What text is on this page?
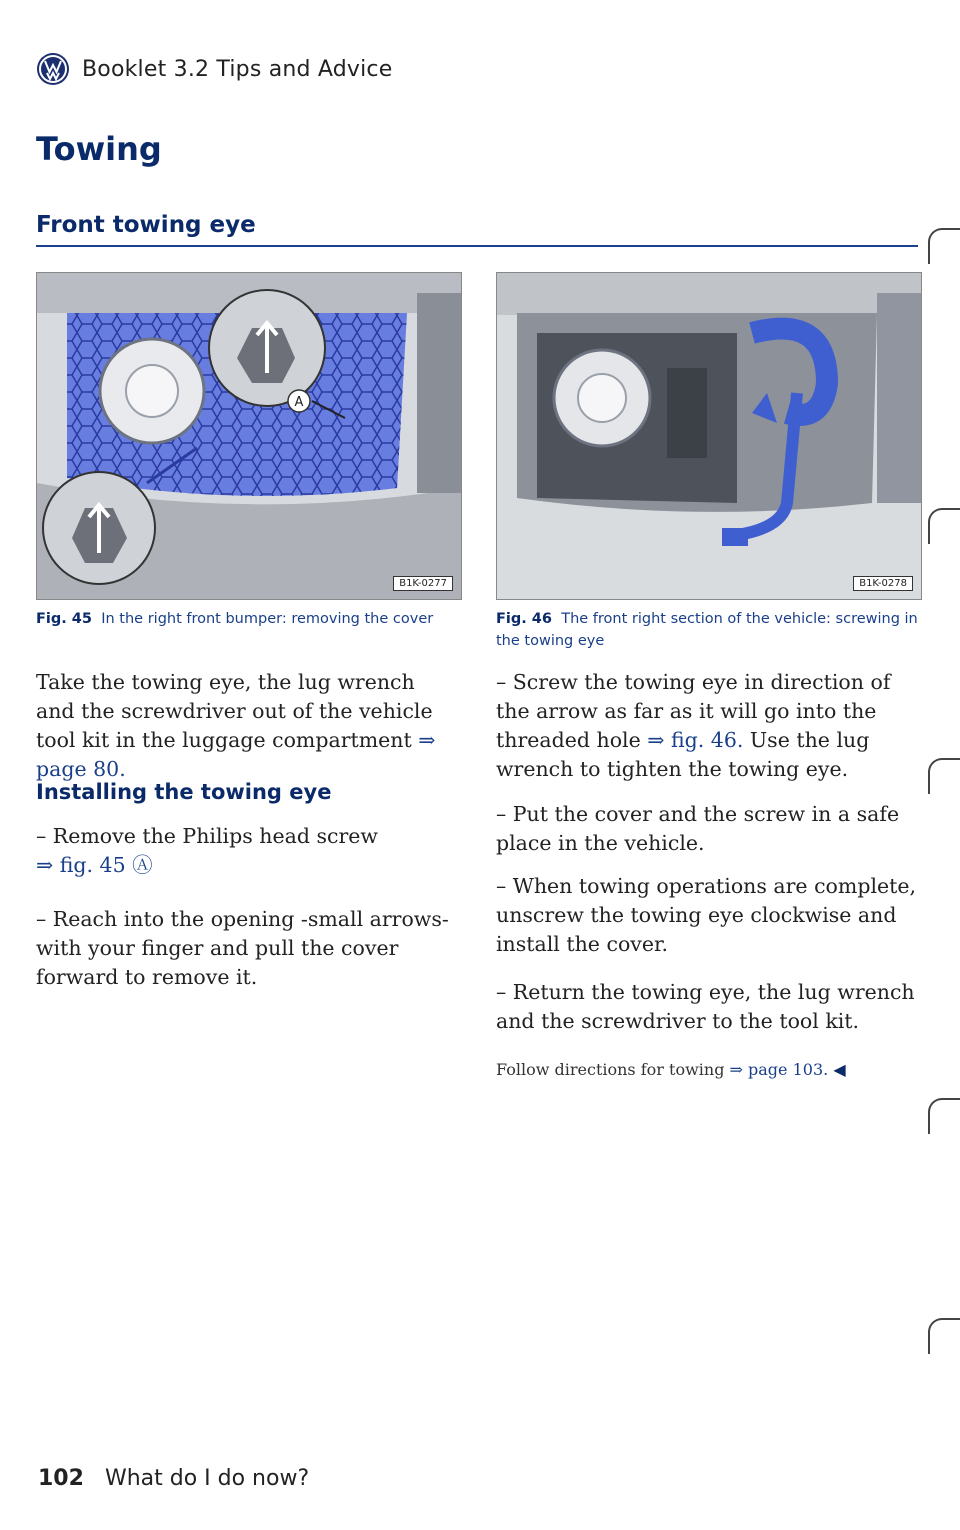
Booklet 3.2 Tips and Advice
Towing
Front towing eye
A
B1K-0277
Fig. 45 In the right front bumper: removing the cover
B1K-0278
Fig. 46 The front right section of the vehicle: screwing in the towing eye
Take the towing eye, the lug wrench and the screwdriver out of the vehicle tool kit in the luggage compartment ⇒ page 80.
Installing the towing eye
– Remove the Philips head screw
⇒ fig. 45 Ⓐ
– Reach into the opening -small arrows- with your finger and pull the cover forward to remove it.
– Screw the towing eye in direction of the arrow as far as it will go into the threaded hole ⇒ fig. 46. Use the lug wrench to tighten the towing eye.
– Put the cover and the screw in a safe place in the vehicle.
– When towing operations are complete, unscrew the towing eye clockwise and install the cover.
– Return the towing eye, the lug wrench and the screwdriver to the tool kit.
Follow directions for towing ⇒ page 103. ◀
102 What do I do now?
